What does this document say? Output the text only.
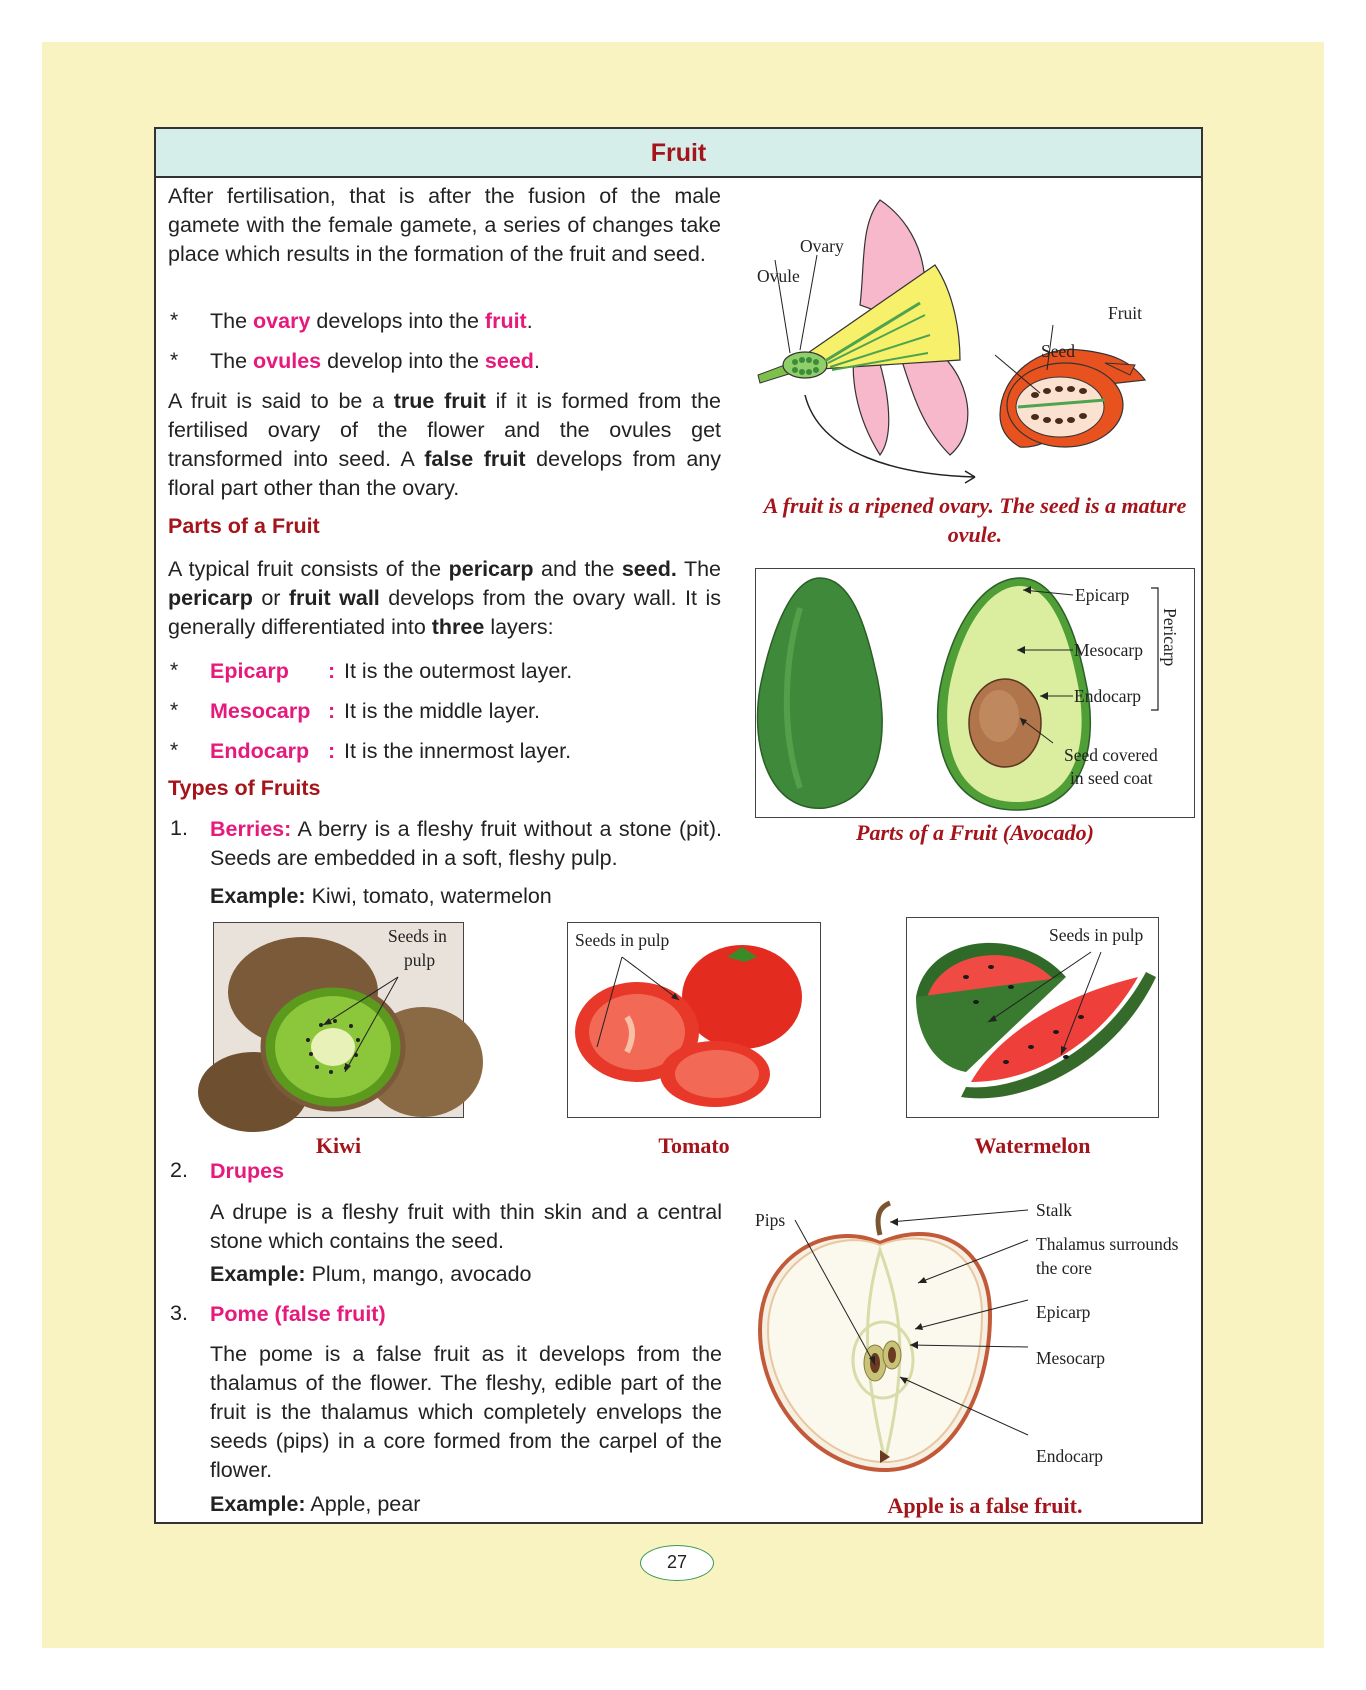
Fruit
After fertilisation, that is after the fusion of the male gamete with the female gamete, a series of changes take place which results in the formation of the fruit and seed.
* The ovary develops into the fruit.
* The ovules develop into the seed.
A fruit is said to be a true fruit if it is formed from the fertilised ovary of the flower and the ovules get transformed into seed. A false fruit develops from any floral part other than the ovary.
Parts of a Fruit
A typical fruit consists of the pericarp and the seed. The pericarp or fruit wall develops from the ovary wall. It is generally differentiated into three layers:
* Epicarp : It is the outermost layer.
* Mesocarp : It is the middle layer.
* Endocarp : It is the innermost layer.
Types of Fruits
1. Berries: A berry is a fleshy fruit without a stone (pit). Seeds are embedded in a soft, fleshy pulp.
Example: Kiwi, tomato, watermelon
2. Drupes
A drupe is a fleshy fruit with thin skin and a central stone which contains the seed.
Example: Plum, mango, avocado
3. Pome (false fruit)
The pome is a false fruit as it develops from the thalamus of the flower. The fleshy, edible part of the fruit is the thalamus which completely envelops the seeds (pips) in a core formed from the carpel of the flower.
Example: Apple, pear
Ovary
Ovule
Fruit
Seed
A fruit is a ripened ovary. The seed is a mature ovule.
Epicarp
Mesocarp
Endocarp
Pericarp
Seed covered
in seed coat
Parts of a Fruit (Avocado)
Seeds in
pulp
Kiwi
Seeds in pulp
Tomato
Seeds in pulp
Watermelon
Pips	Stalk
Thalamus surrounds
the core
Epicarp
Mesocarp
Endocarp
Apple is a false fruit.
27
